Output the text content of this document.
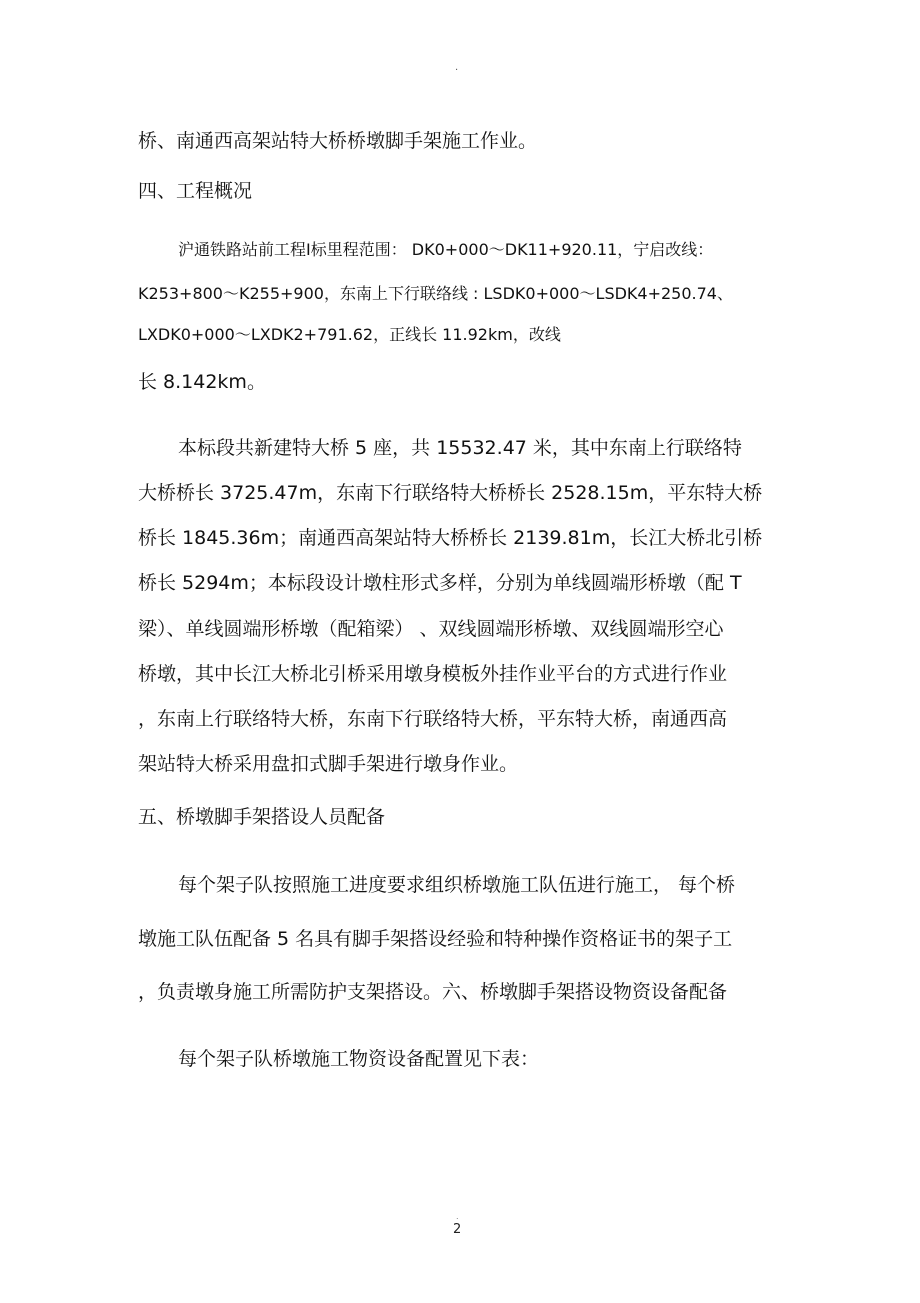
.
桥、南通西高架站特大桥桥墩脚手架施工作业。
四、工程概况
沪通铁路站前工程Ⅰ标里程范围： DK0+000～DK11+920.11，宁启改线：
K253+800～K255+900，东南上下行联络线 : LSDK0+000～LSDK4+250.74、
LXDK0+000～LXDK2+791.62，正线长 11.92km，改线
长 8.142km。
本标段共新建特大桥 5 座，共 15532.47 米，其中东南上行联络特
大桥桥长 3725.47m，东南下行联络特大桥桥长 2528.15m，平东特大桥
桥长 1845.36m；南通西高架站特大桥桥长 2139.81m，长江大桥北引桥
桥长 5294m；本标段设计墩柱形式多样，分别为单线圆端形桥墩（配 T
梁）、单线圆端形桥墩（配箱梁） 、双线圆端形桥墩、双线圆端形空心
桥墩，其中长江大桥北引桥采用墩身模板外挂作业平台的方式进行作业
，东南上行联络特大桥，东南下行联络特大桥，平东特大桥，南通西高
架站特大桥采用盘扣式脚手架进行墩身作业。
五、桥墩脚手架搭设人员配备
每个架子队按照施工进度要求组织桥墩施工队伍进行施工， 每个桥
墩施工队伍配备 5 名具有脚手架搭设经验和特种操作资格证书的架子工
，负责墩身施工所需防护支架搭设。六、桥墩脚手架搭设物资设备配备
每个架子队桥墩施工物资设备配置见下表：
.
2
